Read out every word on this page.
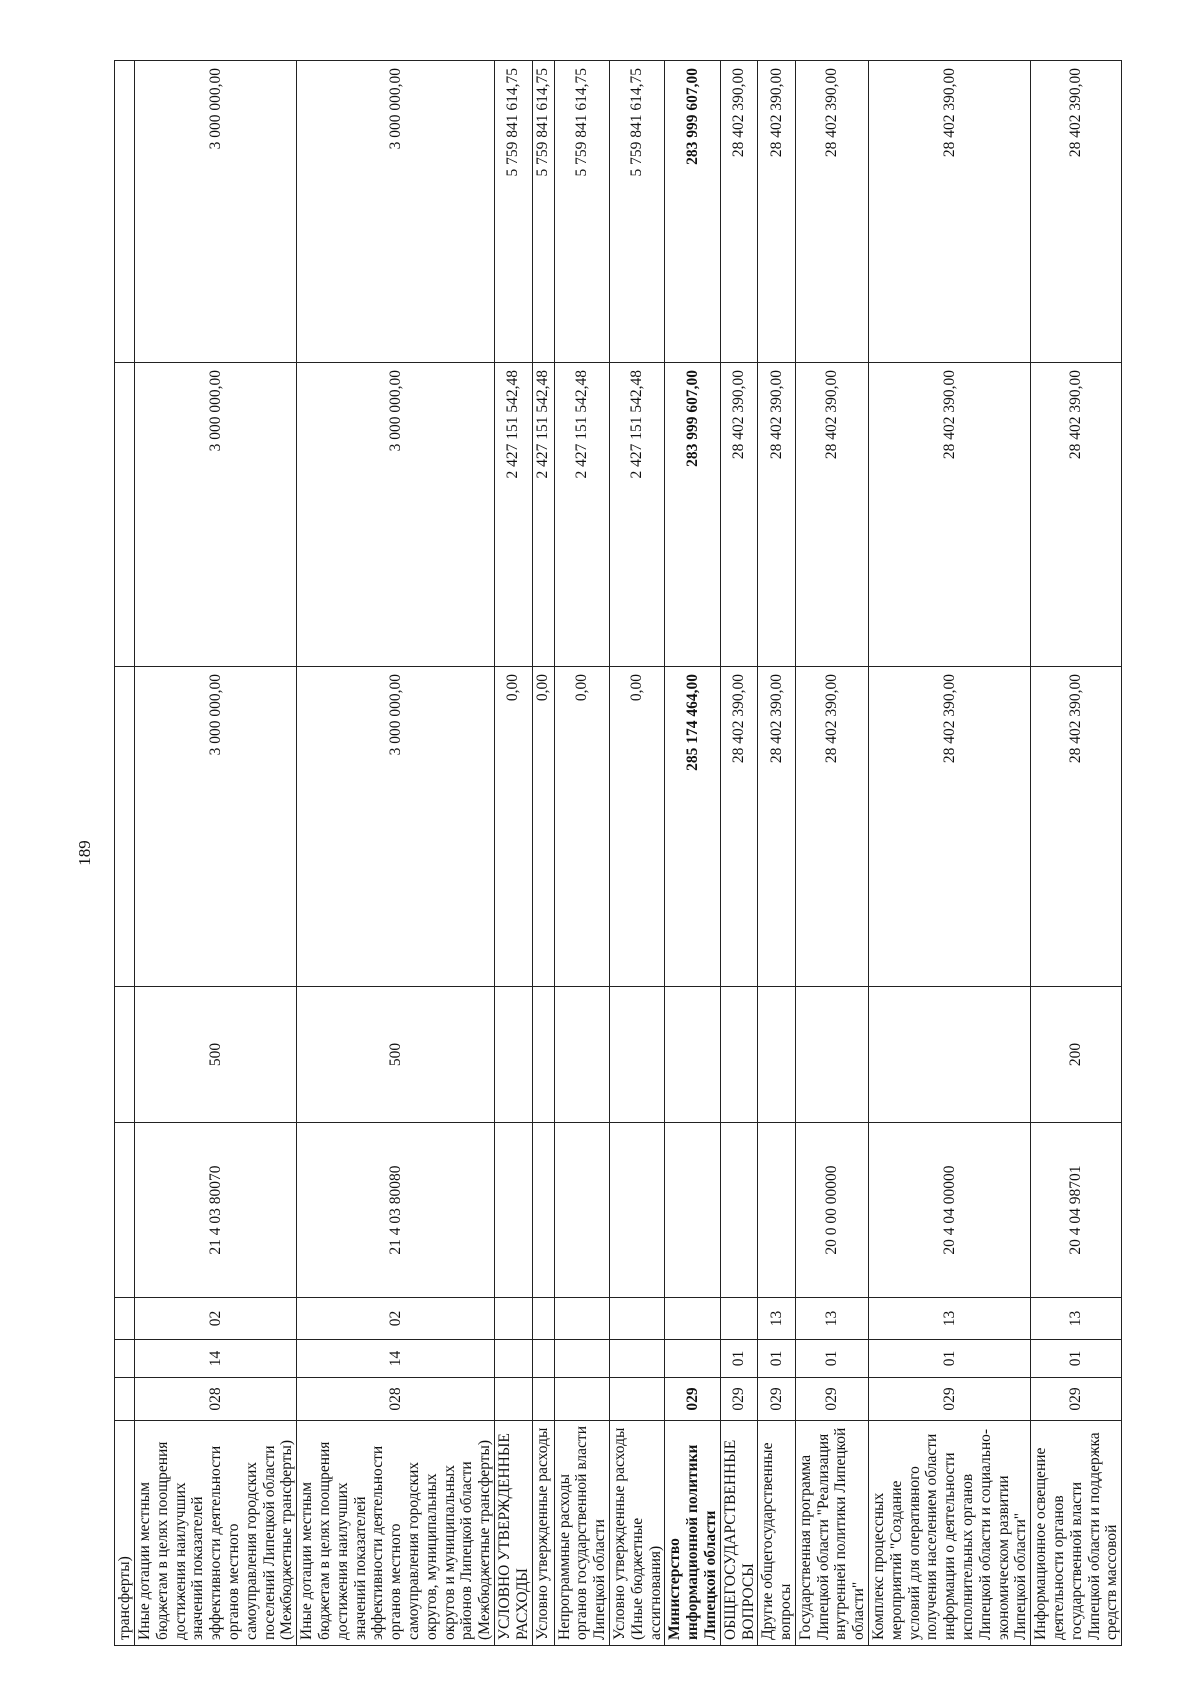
189
трансферты)								
Иные дотации местным бюджетам в целях поощрения достижения наилучших значений показателей эффективности деятельности органов местного самоуправления городских поселений Липецкой области (Межбюджетные трансферты)	028	14	02	21 4 03 80070	500	3 000 000,00	3 000 000,00	3 000 000,00
Иные дотации местным бюджетам в целях поощрения достижения наилучших значений показателей эффективности деятельности органов местного самоуправления городских округов, муниципальных округов и муниципальных районов Липецкой области (Межбюджетные трансферты)	028	14	02	21 4 03 80080	500	3 000 000,00	3 000 000,00	3 000 000,00
УСЛОВНО УТВЕРЖДЕННЫЕ РАСХОДЫ						0,00	2 427 151 542,48	5 759 841 614,75
Условно утвержденные расходы						0,00	2 427 151 542,48	5 759 841 614,75
Непрограммные расходы органов государственной власти Липецкой области						0,00	2 427 151 542,48	5 759 841 614,75
Условно утвержденные расходы (Иные бюджетные ассигнования)						0,00	2 427 151 542,48	5 759 841 614,75
Министерство информационной политики Липецкой области	029					285 174 464,00	283 999 607,00	283 999 607,00
ОБЩЕГОСУДАРСТВЕННЫЕ ВОПРОСЫ	029	01				28 402 390,00	28 402 390,00	28 402 390,00
Другие общегосударственные вопросы	029	01	13			28 402 390,00	28 402 390,00	28 402 390,00
Государственная программа Липецкой области "Реализация внутренней политики Липецкой области"	029	01	13	20 0 00 00000		28 402 390,00	28 402 390,00	28 402 390,00
Комплекс процессных мероприятий "Создание условий для оперативного получения населением области информации о деятельности исполнительных органов Липецкой области и социально-экономическом развитии Липецкой области"	029	01	13	20 4 04 00000		28 402 390,00	28 402 390,00	28 402 390,00
Информационное освещение деятельности органов государственной власти Липецкой области и поддержка средств массовой	029	01	13	20 4 04 98701	200	28 402 390,00	28 402 390,00	28 402 390,00
